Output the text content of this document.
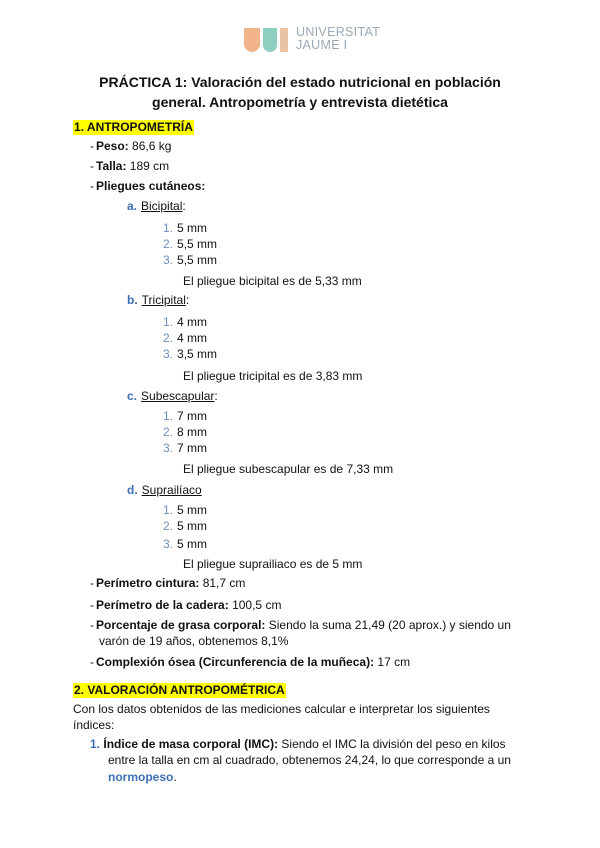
UNIVERSITAT
JAUME I
PRÁCTICA 1: Valoración del estado nutricional en población
general. Antropometría y entrevista dietética
1. ANTROPOMETRÍA
- Peso: 86,6 kg
- Talla: 189 cm
- Pliegues cutáneos:
a. Bicipital:
1. 5 mm
2. 5,5 mm
3. 5,5 mm
El pliegue bicipital es de 5,33 mm
b. Tricipital:
1. 4 mm
2. 4 mm
3. 3,5 mm
El pliegue tricipital es de 3,83 mm
c. Subescapular:
1. 7 mm
2. 8 mm
3. 7 mm
El pliegue subescapular es de 7,33 mm
d. Suprailíaco
1. 5 mm
2. 5 mm
3. 5 mm
El pliegue suprailiaco es de 5 mm
- Perímetro cintura: 81,7 cm
- Perímetro de la cadera: 100,5 cm
- Porcentaje de grasa corporal: Siendo la suma 21,49 (20 aprox.) y siendo un
varón de 19 años, obtenemos 8,1%
- Complexión ósea (Circunferencia de la muñeca): 17 cm
2. VALORACIÓN ANTROPOMÉTRICA
Con los datos obtenidos de las mediciones calcular e interpretar los siguientes
índices:
1. Índice de masa corporal (IMC): Siendo el IMC la división del peso en kilos
entre la talla en cm al cuadrado, obtenemos 24,24, lo que corresponde a un
normopeso.
